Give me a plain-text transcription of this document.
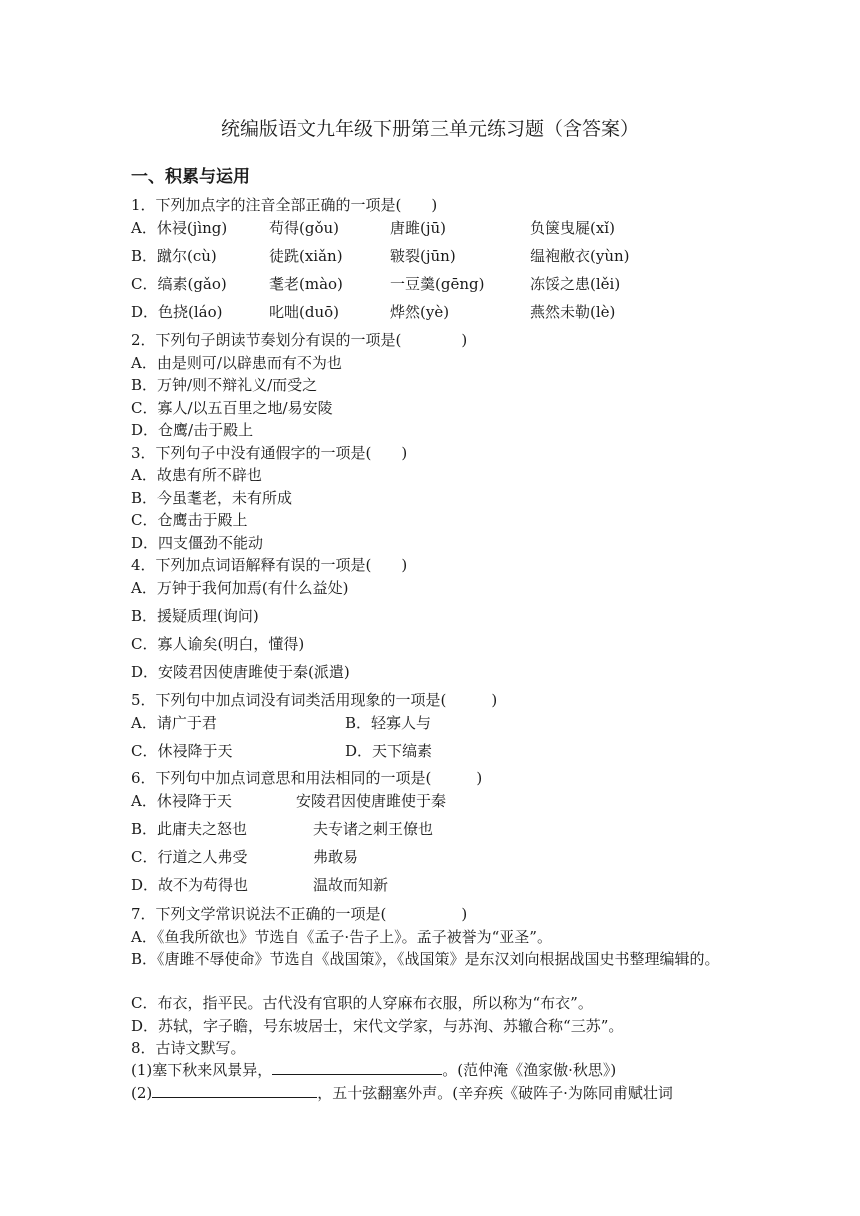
统编版语文九年级下册第三单元练习题（含答案）
一、积累与运用
1．下列加点字的注音全部正确的一项是(　　)
A．休祲(jìng)	苟得(gǒu)	唐雎(jū)	负箧曳屣(xǐ)
B．蹴尔(cù)	徒跣(xiǎn)	皲裂(jūn)	缊袍敝衣(yùn)
C．缟素(gǎo)	耄老(mào)	一豆羹(gēng)	冻馁之患(lěi)
D．色挠(láo)	叱咄(duō)	烨然(yè)	燕然未勒(lè)
2．下列句子朗读节奏划分有误的一项是(　　　　)
A．由是则可/以辟患而有不为也
B．万钟/则不辩礼义/而受之
C．寡人/以五百里之地/易安陵
D．仓鹰/击于殿上
3．下列句子中没有通假字的一项是(　　)
A．故患有所不辟也
B．今虽耄老，未有所成
C．仓鹰击于殿上
D．四支僵劲不能动
4．下列加点词语解释有误的一项是(　　)
A．万钟于我何加焉(有什么益处)
B．援疑质理(询问)
C．寡人谕矣(明白，懂得)
D．安陵君因使唐雎使于秦(派遣)
5．下列句中加点词没有词类活用现象的一项是(　　　)
A．请广于君	B．轻寡人与
C．休祲降于天	D．天下缟素
6．下列句中加点词意思和用法相同的一项是(　　　)
A．休祲降于天	安陵君因使唐雎使于秦
B．此庸夫之怒也	夫专诸之刺王僚也
C．行道之人弗受	弗敢易
D．故不为苟得也	温故而知新
7．下列文学常识说法不正确的一项是(　　　　　)
A．《鱼我所欲也》节选自《孟子·告子上》。孟子被誉为“亚圣”。
B．《唐雎不辱使命》节选自《战国策》，《战国策》是东汉刘向根据战国史书整理编辑的。
C．布衣，指平民。古代没有官职的人穿麻布衣服，所以称为“布衣”。
D．苏轼，字子瞻，号东坡居士，宋代文学家，与苏洵、苏辙合称“三苏”。
8．古诗文默写。
(1)塞下秋来风景异，	。(范仲淹《渔家傲·秋思》)
(2)	，五十弦翻塞外声。(辛弃疾《破阵子·为陈同甫赋壮词
